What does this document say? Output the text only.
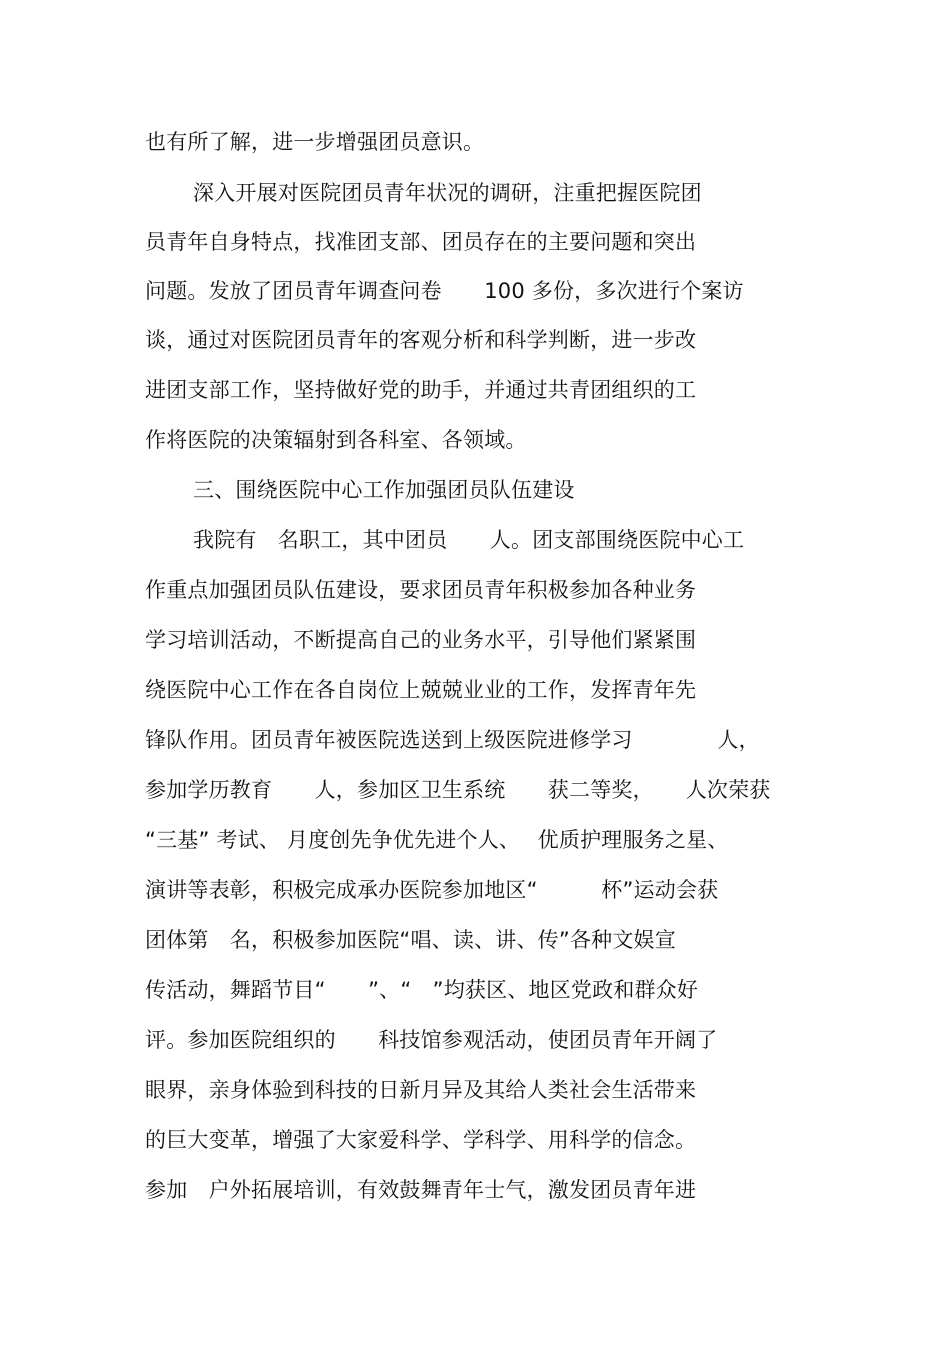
也有所了解，进一步增强团员意识。
深入开展对医院团员青年状况的调研，注重把握医院团
员青年自身特点，找准团支部、团员存在的主要问题和突出
问题。发放了团员青年调查问卷　　100 多份，多次进行个案访
谈，通过对医院团员青年的客观分析和科学判断，进一步改
进团支部工作，坚持做好党的助手，并通过共青团组织的工
作将医院的决策辐射到各科室、各领域。
三、围绕医院中心工作加强团员队伍建设
我院有　名职工，其中团员　　人。团支部围绕医院中心工
作重点加强团员队伍建设，要求团员青年积极参加各种业务
学习培训活动，不断提高自己的业务水平，引导他们紧紧围
绕医院中心工作在各自岗位上兢兢业业的工作，发挥青年先
锋队作用。团员青年被医院选送到上级医院进修学习　　　　人，
参加学历教育　　人，参加区卫生系统　　获二等奖，　　人次荣获
“三基” 考试、 月度创先争优先进个人、　 优质护理服务之星、
演讲等表彰，积极完成承办医院参加地区“　　　杯”运动会获
团体第　名，积极参加医院“唱、读、讲、传”各种文娱宣
传活动，舞蹈节目“　　”、“　”均获区、地区党政和群众好
评。参加医院组织的　　科技馆参观活动，使团员青年开阔了
眼界，亲身体验到科技的日新月异及其给人类社会生活带来
的巨大变革，增强了大家爱科学、学科学、用科学的信念。
参加　户外拓展培训，有效鼓舞青年士气，激发团员青年进
